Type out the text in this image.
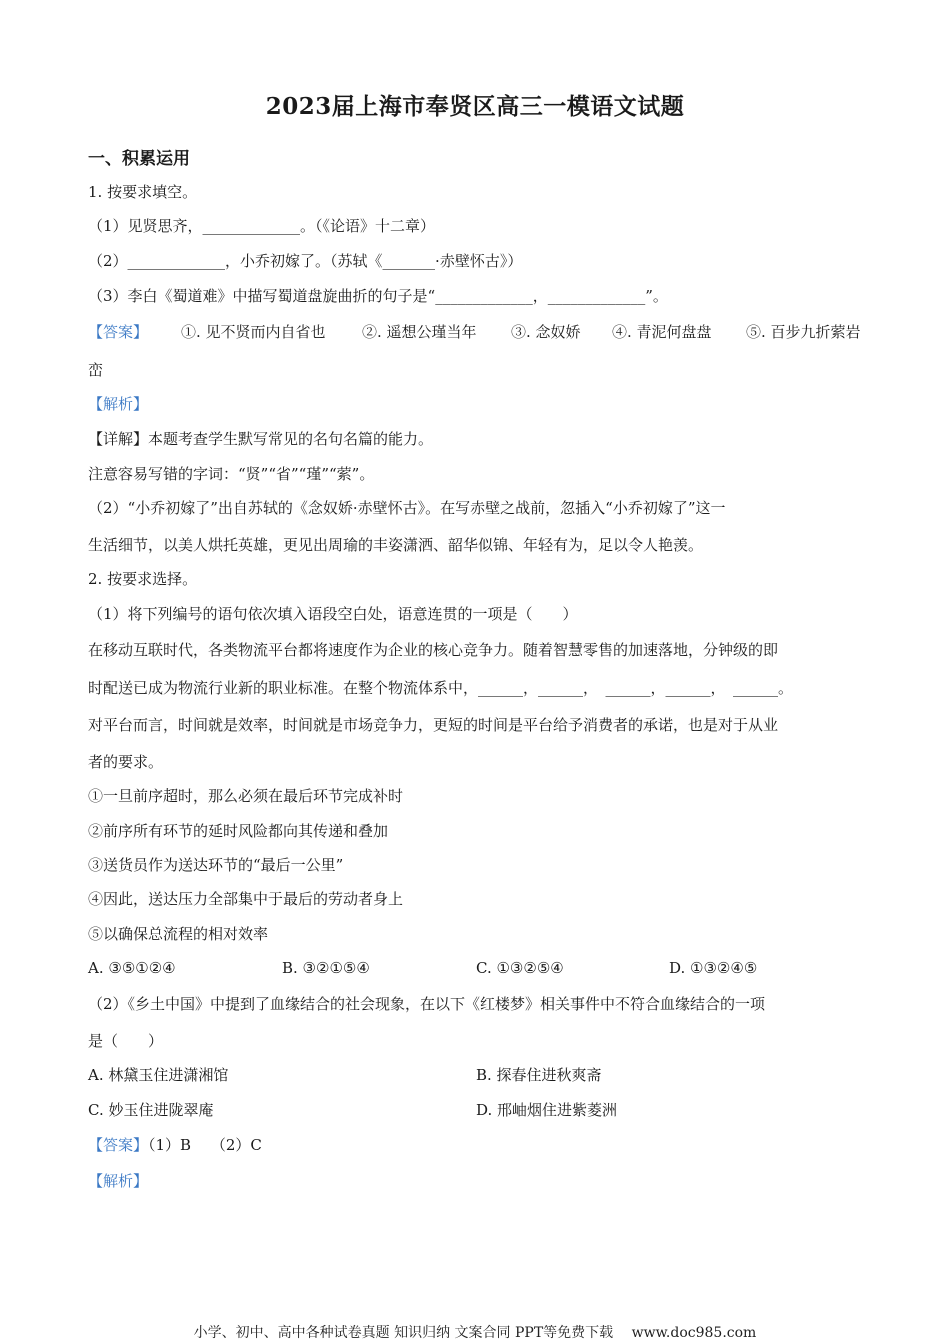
2023届上海市奉贤区高三一模语文试题
一、积累运用
1. 按要求填空。
（1）见贤思齐，_____________。（《论语》十二章）
（2）_____________，小乔初嫁了。（苏轼《_______·赤壁怀古》）
（3）李白《蜀道难》中描写蜀道盘旋曲折的句子是“_____________，_____________”。
【答案】 ①. 见不贤而内自省也 ②. 遥想公瑾当年 ③. 念奴娇 ④. 青泥何盘盘 ⑤. 百步九折萦岩
峦
【解析】
【详解】本题考查学生默写常见的名句名篇的能力。
注意容易写错的字词：“贤”“省”“瑾”“萦”。
（2）“小乔初嫁了”出自苏轼的《念奴娇·赤壁怀古》。在写赤壁之战前，忽插入“小乔初嫁了”这一
生活细节，以美人烘托英雄，更见出周瑜的丰姿潇洒、韶华似锦、年轻有为，足以令人艳羡。
2. 按要求选择。
（1）将下列编号的语句依次填入语段空白处，语意连贯的一项是（　　）
在移动互联时代，各类物流平台都将速度作为企业的核心竞争力。随着智慧零售的加速落地，分钟级的即
时配送已成为物流行业新的职业标准。在整个物流体系中，______，______，　______，______，　______。
对平台而言，时间就是效率，时间就是市场竞争力，更短的时间是平台给予消费者的承诺，也是对于从业
者的要求。
①一旦前序超时，那么必须在最后环节完成补时
②前序所有环节的延时风险都向其传递和叠加
③送货员作为送达环节的“最后一公里”
④因此，送达压力全部集中于最后的劳动者身上
⑤以确保总流程的相对效率
A. ③⑤①②④	B. ③②①⑤④	C. ①③②⑤④	D. ①③②④⑤
（2）《乡土中国》中提到了血缘结合的社会现象，在以下《红楼梦》相关事件中不符合血缘结合的一项
是（　　）
A. 林黛玉住进潇湘馆	B. 探春住进秋爽斋
C. 妙玉住进陇翠庵	D. 邢岫烟住进紫菱洲
【答案】（1）B　 （2）C
【解析】
小学、初中、高中各种试卷真题 知识归纳 文案合同 PPT等免费下载　 www.doc985.com
